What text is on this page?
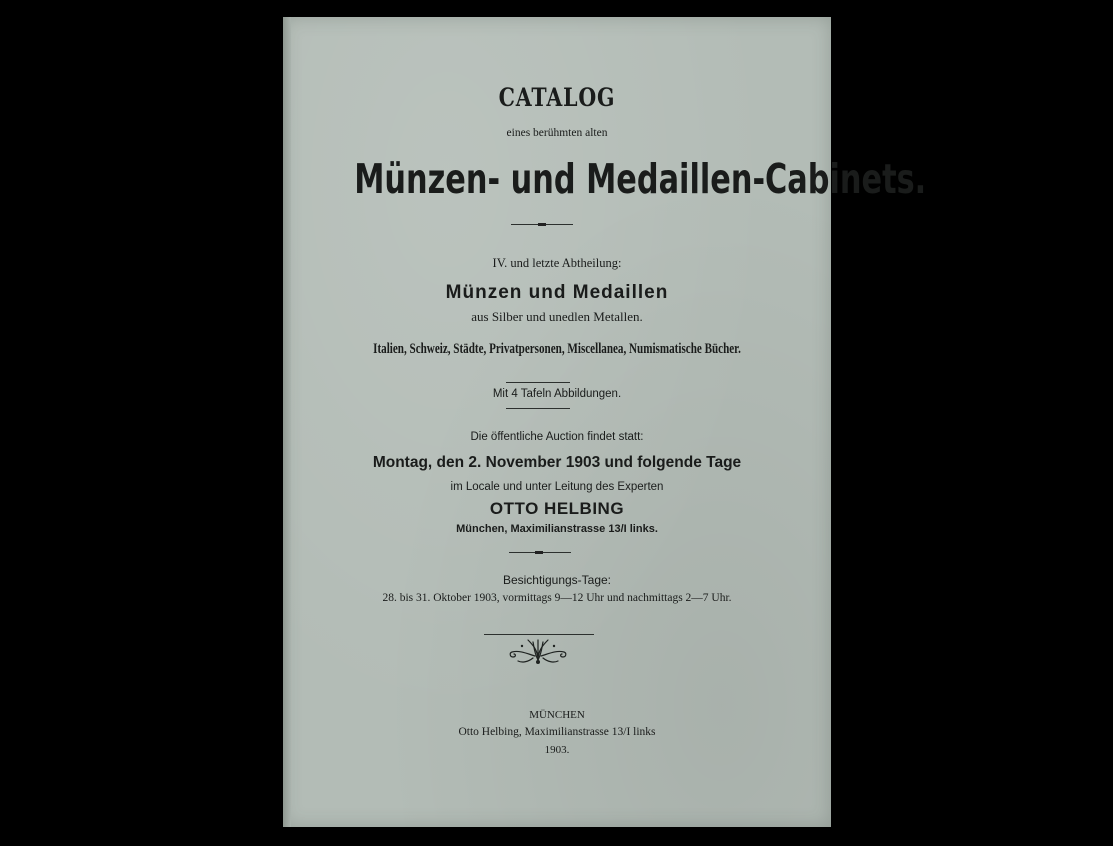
CATALOG
eines berühmten alten
Münzen- und Medaillen-Cabinets.
IV. und letzte Abtheilung:
Münzen und Medaillen
aus Silber und unedlen Metallen.
Italien, Schweiz, Städte, Privatpersonen, Miscellanea, Numismatische Bücher.
Mit 4 Tafeln Abbildungen.
Die öffentliche Auction findet statt:
Montag, den 2. November 1903 und folgende Tage
im Locale und unter Leitung des Experten
OTTO HELBING
München, Maximilianstrasse 13/I links.
Besichtigungs-Tage:
28. bis 31. Oktober 1903, vormittags 9—12 Uhr und nachmittags 2—7 Uhr.
MÜNCHEN
Otto Helbing, Maximilianstrasse 13/I links
1903.
